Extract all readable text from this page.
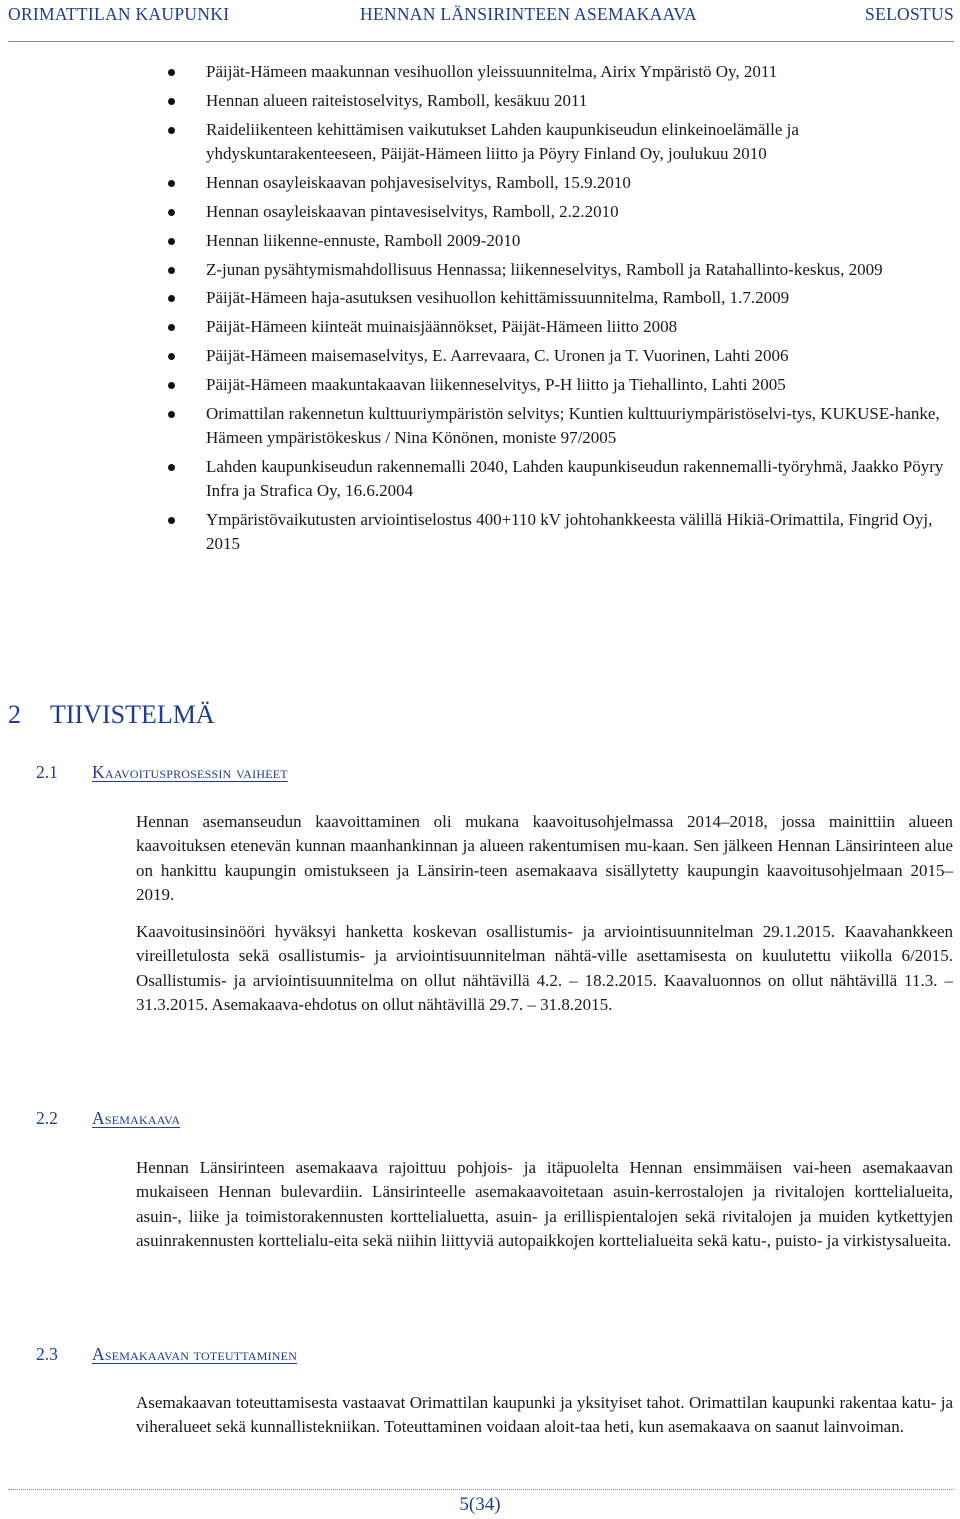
ORIMATTILAN KAUPUNKI	HENNAN LÄNSIRINTEEN ASEMAKAAVA	SELOSTUS
Päijät-Hämeen maakunnan vesihuollon yleissuunnitelma, Airix Ympäristö Oy, 2011
Hennan alueen raiteistoselvitys, Ramboll, kesäkuu 2011
Raideliikenteen kehittämisen vaikutukset Lahden kaupunkiseudun elinkeinoelämälle ja yhdyskuntarakenteeseen, Päijät-Hämeen liitto ja Pöyry Finland Oy, joulukuu 2010
Hennan osayleiskaavan pohjavesiselvitys, Ramboll, 15.9.2010
Hennan osayleiskaavan pintavesiselvitys, Ramboll, 2.2.2010
Hennan liikenne-ennuste, Ramboll 2009-2010
Z-junan pysähtymismahdollisuus Hennassa; liikenneselvitys, Ramboll ja Ratahallinto-keskus, 2009
Päijät-Hämeen haja-asutuksen vesihuollon kehittämissuunnitelma, Ramboll, 1.7.2009
Päijät-Hämeen kiinteät muinaisjäännökset, Päijät-Hämeen liitto 2008
Päijät-Hämeen maisemaselvitys, E. Aarrevaara, C. Uronen ja T. Vuorinen, Lahti 2006
Päijät-Hämeen maakuntakaavan liikenneselvitys, P-H liitto ja Tiehallinto, Lahti 2005
Orimattilan rakennetun kulttuuriympäristön selvitys; Kuntien kulttuuriympäristöselvi-tys, KUKUSE-hanke, Hämeen ympäristökeskus / Nina Könönen, moniste 97/2005
Lahden kaupunkiseudun rakennemalli 2040, Lahden kaupunkiseudun rakennemalli-työryhmä, Jaakko Pöyry Infra ja Strafica Oy, 16.6.2004
Ympäristövaikutusten arviointiselostus 400+110 kV johtohankkeesta välillä Hikiä-Orimattila, Fingrid Oyj, 2015
2 TIIVISTELMÄ
2.1 Kaavoitusprosessin vaiheet

Hennan asemanseudun kaavoittaminen oli mukana kaavoitusohjelmassa 2014–2018, jossa mainittiin alueen kaavoituksen etenevän kunnan maanhankinnan ja alueen rakentumisen mu-kaan. Sen jälkeen Hennan Länsirinteen alue on hankittu kaupungin omistukseen ja Länsirin-teen asemakaava sisällytetty kaupungin kaavoitusohjelmaan 2015–2019.

Kaavoitusinsinööri hyväksyi hanketta koskevan osallistumis- ja arviointisuunnitelman 29.1.2015. Kaavahankkeen vireilletulosta sekä osallistumis- ja arviointisuunnitelman nähtä-ville asettamisesta on kuulutettu viikolla 6/2015. Osallistumis- ja arviointisuunnitelma on ollut nähtävillä 4.2. – 18.2.2015. Kaavaluonnos on ollut nähtävillä 11.3. – 31.3.2015. Asemakaava-ehdotus on ollut nähtävillä 29.7. – 31.8.2015.

2.2 Asemakaava

Hennan Länsirinteen asemakaava rajoittuu pohjois- ja itäpuolelta Hennan ensimmäisen vai-heen asemakaavan mukaiseen Hennan bulevardiin. Länsirinteelle asemakaavoitetaan asuin-kerrostalojen ja rivitalojen korttelialueita, asuin-, liike ja toimistorakennusten korttelialuetta, asuin- ja erillispientalojen sekä rivitalojen ja muiden kytkettyjen asuinrakennusten korttelialu-eita sekä niihin liittyviä autopaikkojen korttelialueita sekä katu-, puisto- ja virkistysalueita.

2.3 Asemakaavan toteuttaminen

Asemakaavan toteuttamisesta vastaavat Orimattilan kaupunki ja yksityiset tahot. Orimattilan kaupunki rakentaa katu- ja viheralueet sekä kunnallistekniikan. Toteuttaminen voidaan aloit-taa heti, kun asemakaava on saanut lainvoiman.

5(34)
